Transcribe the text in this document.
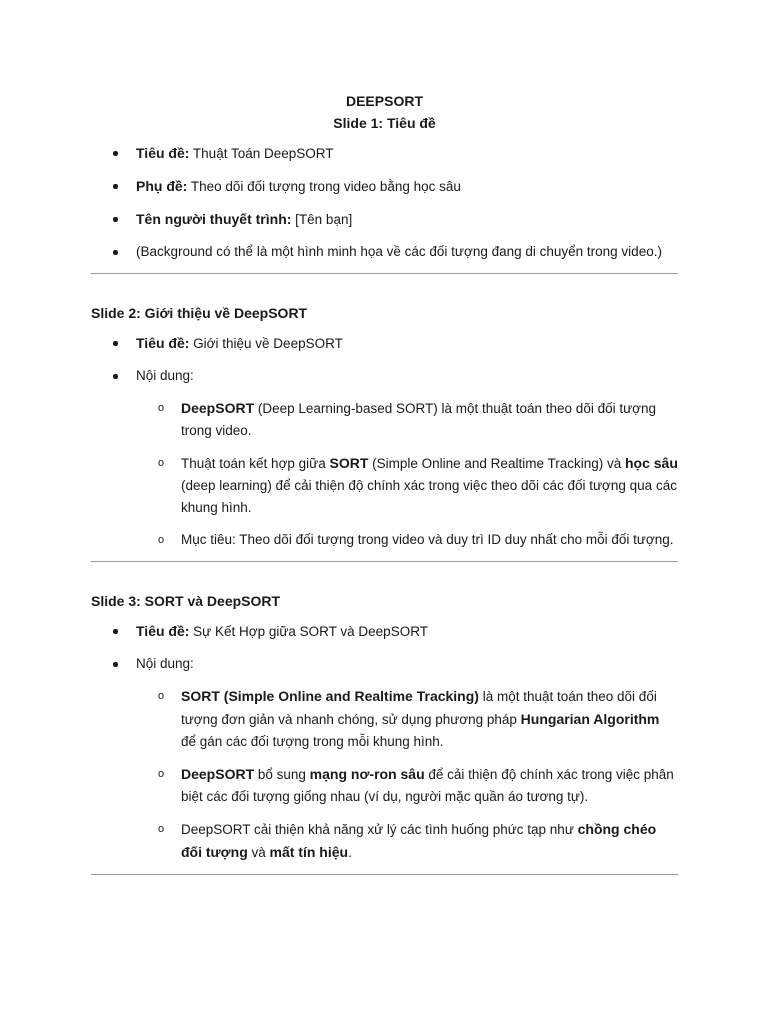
DEEPSORT
Slide 1: Tiêu đề
Tiêu đề: Thuật Toán DeepSORT
Phụ đề: Theo dõi đối tượng trong video bằng học sâu
Tên người thuyết trình: [Tên bạn]
(Background có thể là một hình minh họa về các đối tượng đang di chuyển trong video.)
Slide 2: Giới thiệu về DeepSORT
Tiêu đề: Giới thiệu về DeepSORT
Nội dung:
o DeepSORT (Deep Learning-based SORT) là một thuật toán theo dõi đối tượng trong video.
o Thuật toán kết hợp giữa SORT (Simple Online and Realtime Tracking) và học sâu (deep learning) để cải thiện độ chính xác trong việc theo dõi các đối tượng qua các khung hình.
o Mục tiêu: Theo dõi đối tượng trong video và duy trì ID duy nhất cho mỗi đối tượng.
Slide 3: SORT và DeepSORT
Tiêu đề: Sự Kết Hợp giữa SORT và DeepSORT
Nội dung:
o SORT (Simple Online and Realtime Tracking) là một thuật toán theo dõi đối tượng đơn giản và nhanh chóng, sử dụng phương pháp Hungarian Algorithm để gán các đối tượng trong mỗi khung hình.
o DeepSORT bổ sung mạng nơ-ron sâu để cải thiện độ chính xác trong việc phân biệt các đối tượng giống nhau (ví dụ, người mặc quần áo tương tự).
o DeepSORT cải thiện khả năng xử lý các tình huống phức tạp như chồng chéo đối tượng và mất tín hiệu.
